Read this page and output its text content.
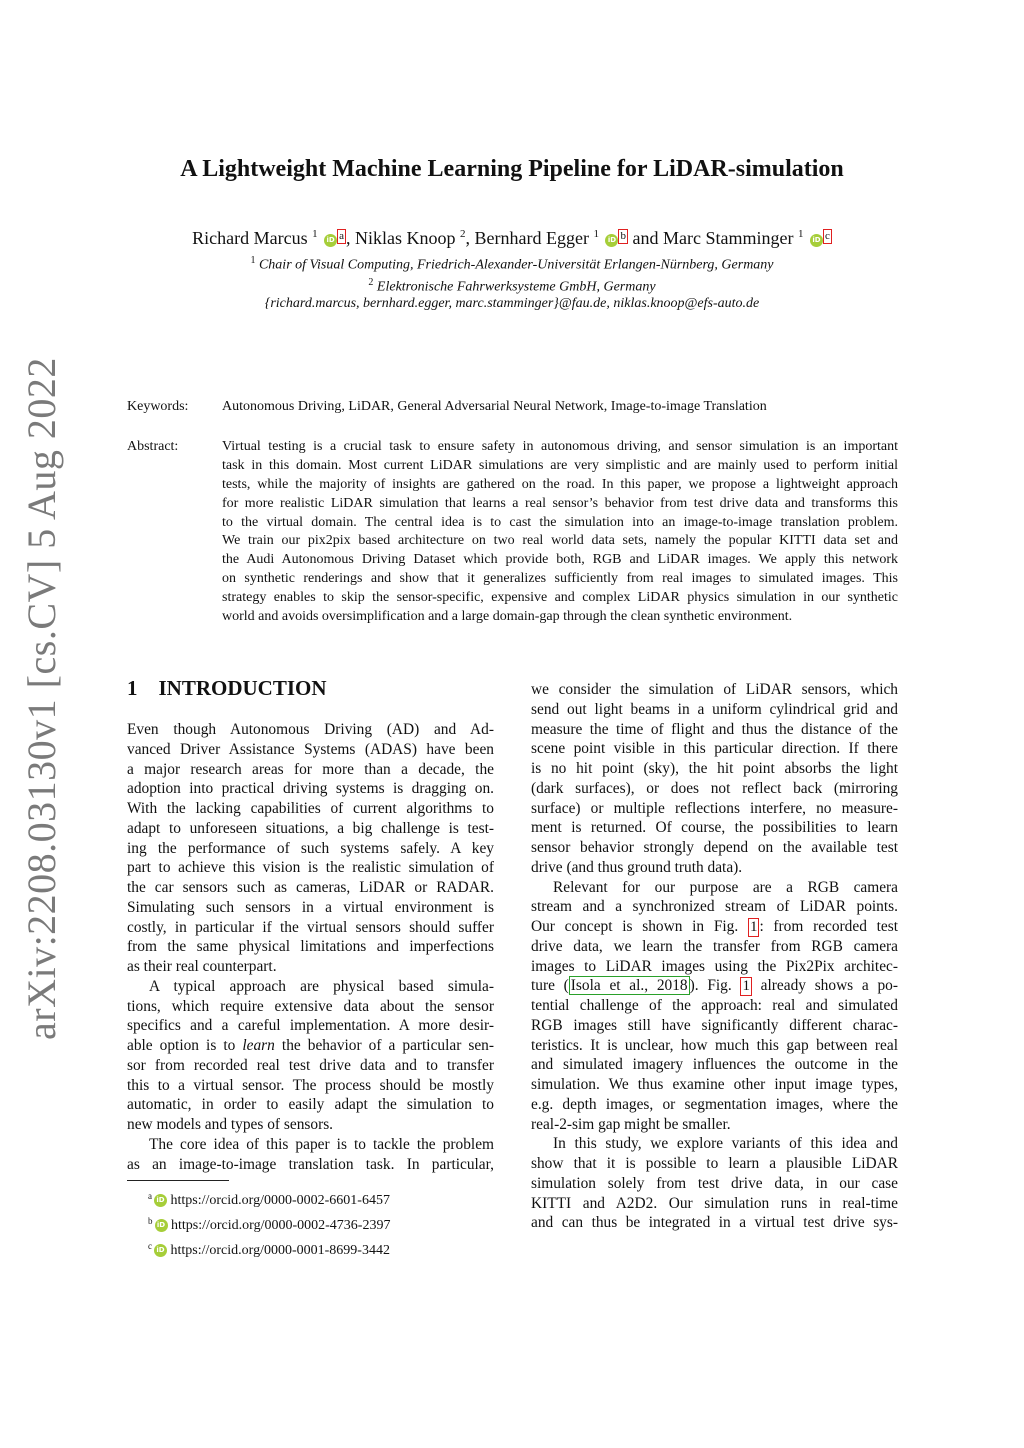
arXiv:2208.03130v1 [cs.CV] 5 Aug 2022
A Lightweight Machine Learning Pipeline for LiDAR-simulation
Richard Marcus $^1$ iD a , Niklas Knoop $^2$, Bernhard Egger $^1$ iD b and Marc Stamminger $^1$ iD c
$^1$ Chair of Visual Computing, Friedrich-Alexander-Universität Erlangen-Nürnberg, Germany
$^2$ Elektronische Fahrwerksysteme GmbH, Germany
{richard.marcus, bernhard.egger, marc.stamminger}@fau.de, niklas.knoop@efs-auto.de
Keywords: Autonomous Driving, LiDAR, General Adversarial Neural Network, Image-to-image Translation
Abstract:	Virtual testing is a crucial task to ensure safety in autonomous driving, and sensor simulation is an important
task in this domain. Most current LiDAR simulations are very simplistic and are mainly used to perform initial
tests, while the majority of insights are gathered on the road. In this paper, we propose a lightweight approach
for more realistic LiDAR simulation that learns a real sensor’s behavior from test drive data and transforms this
to the virtual domain. The central idea is to cast the simulation into an image-to-image translation problem.
We train our pix2pix based architecture on two real world data sets, namely the popular KITTI data set and
the Audi Autonomous Driving Dataset which provide both, RGB and LiDAR images. We apply this network
on synthetic renderings and show that it generalizes sufficiently from real images to simulated images. This
strategy enables to skip the sensor-specific, expensive and complex LiDAR physics simulation in our synthetic
world and avoids oversimplification and a large domain-gap through the clean synthetic environment.
1 INTRODUCTION
Even though Autonomous Driving (AD) and Ad-
vanced Driver Assistance Systems (ADAS) have been
a major research areas for more than a decade, the
adoption into practical driving systems is dragging on.
With the lacking capabilities of current algorithms to
adapt to unforeseen situations, a big challenge is test-
ing the performance of such systems safely. A key
part to achieve this vision is the realistic simulation of
the car sensors such as cameras, LiDAR or RADAR.
Simulating such sensors in a virtual environment is
costly, in particular if the virtual sensors should suffer
from the same physical limitations and imperfections
as their real counterpart.
A typical approach are physical based simula-
tions, which require extensive data about the sensor
specifics and a careful implementation. A more desir-
able option is to learn the behavior of a particular sen-
sor from recorded real test drive data and to transfer
this to a virtual sensor. The process should be mostly
automatic, in order to easily adapt the simulation to
new models and types of sensors.
The core idea of this paper is to tackle the problem
as an image-to-image translation task. In particular,
we consider the simulation of LiDAR sensors, which
send out light beams in a uniform cylindrical grid and
measure the time of flight and thus the distance of the
scene point visible in this particular direction. If there
is no hit point (sky), the hit point absorbs the light
(dark surfaces), or does not reflect back (mirroring
surface) or multiple reflections interfere, no measure-
ment is returned. Of course, the possibilities to learn
sensor behavior strongly depend on the available test
drive (and thus ground truth data).
Relevant for our purpose are a RGB camera
stream and a synchronized stream of LiDAR points.
Our concept is shown in Fig. 1 : from recorded test
drive data, we learn the transfer from RGB camera
images to LiDAR images using the Pix2Pix architec-
ture ( Isola et al., 2018 ). Fig. 1 already shows a po-
tential challenge of the approach: real and simulated
RGB images still have significantly different charac-
teristics. It is unclear, how much this gap between real
and simulated imagery influences the outcome in the
simulation. We thus examine other input image types,
e.g. depth images, or segmentation images, where the
real-2-sim gap might be smaller.
In this study, we explore variants of this idea and
show that it is possible to learn a plausible LiDAR
simulation solely from test drive data, in our case
KITTI and A2D2. Our simulation runs in real-time
and can thus be integrated in a virtual test drive sys-
$^a$ iD https://orcid.org/0000-0002-6601-6457
$^b$ iD https://orcid.org/0000-0002-4736-2397
$^c$ iD https://orcid.org/0000-0001-8699-3442
